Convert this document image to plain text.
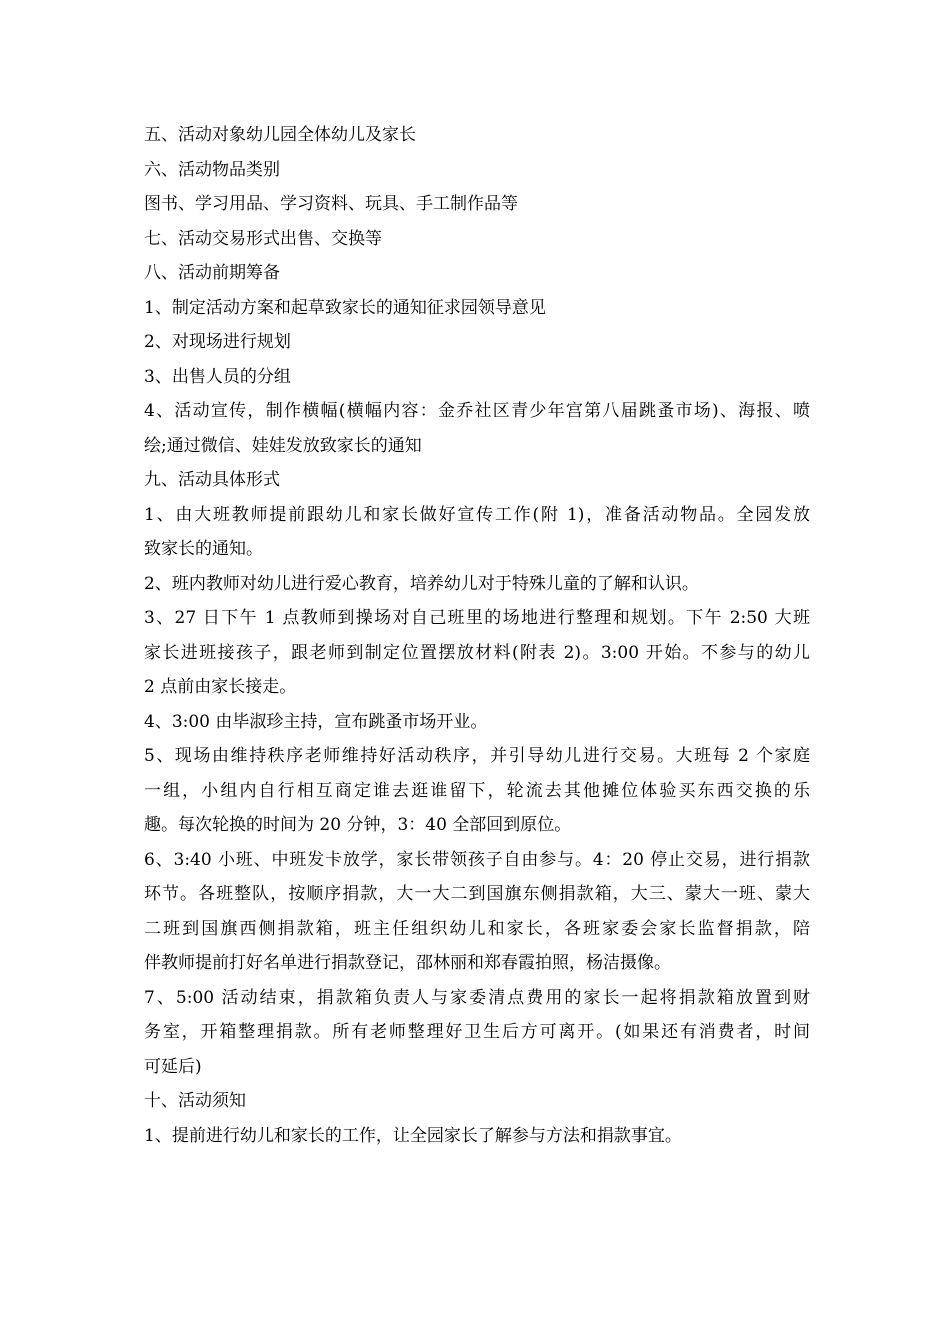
五、活动对象幼儿园全体幼儿及家长
六、活动物品类别
图书、学习用品、学习资料、玩具、手工制作品等
七、活动交易形式出售、交换等
八、活动前期筹备
1、制定活动方案和起草致家长的通知征求园领导意见
2、对现场进行规划
3、出售人员的分组
4、活动宣传，制作横幅(横幅内容：金乔社区青少年宫第八届跳蚤市场)、海报、喷
绘;通过微信、娃娃发放致家长的通知
九、活动具体形式
1、由大班教师提前跟幼儿和家长做好宣传工作(附 1)，准备活动物品。全园发放
致家长的通知。
2、班内教师对幼儿进行爱心教育，培养幼儿对于特殊儿童的了解和认识。
3、27 日下午 1 点教师到操场对自己班里的场地进行整理和规划。下午 2:50 大班
家长进班接孩子，跟老师到制定位置摆放材料(附表 2)。3:00 开始。不参与的幼儿
2 点前由家长接走。
4、3:00 由毕淑珍主持，宣布跳蚤市场开业。
5、现场由维持秩序老师维持好活动秩序，并引导幼儿进行交易。大班每 2 个家庭
一组，小组内自行相互商定谁去逛谁留下，轮流去其他摊位体验买东西交换的乐
趣。每次轮换的时间为 20 分钟，3：40 全部回到原位。
6、3:40 小班、中班发卡放学，家长带领孩子自由参与。4：20 停止交易，进行捐款
环节。各班整队，按顺序捐款，大一大二到国旗东侧捐款箱，大三、蒙大一班、蒙大
二班到国旗西侧捐款箱，班主任组织幼儿和家长，各班家委会家长监督捐款，陪
伴教师提前打好名单进行捐款登记，邵林丽和郑春霞拍照，杨洁摄像。
7、5:00 活动结束，捐款箱负责人与家委清点费用的家长一起将捐款箱放置到财
务室，开箱整理捐款。所有老师整理好卫生后方可离开。(如果还有消费者，时间
可延后)
十、活动须知
1、提前进行幼儿和家长的工作，让全园家长了解参与方法和捐款事宜。
